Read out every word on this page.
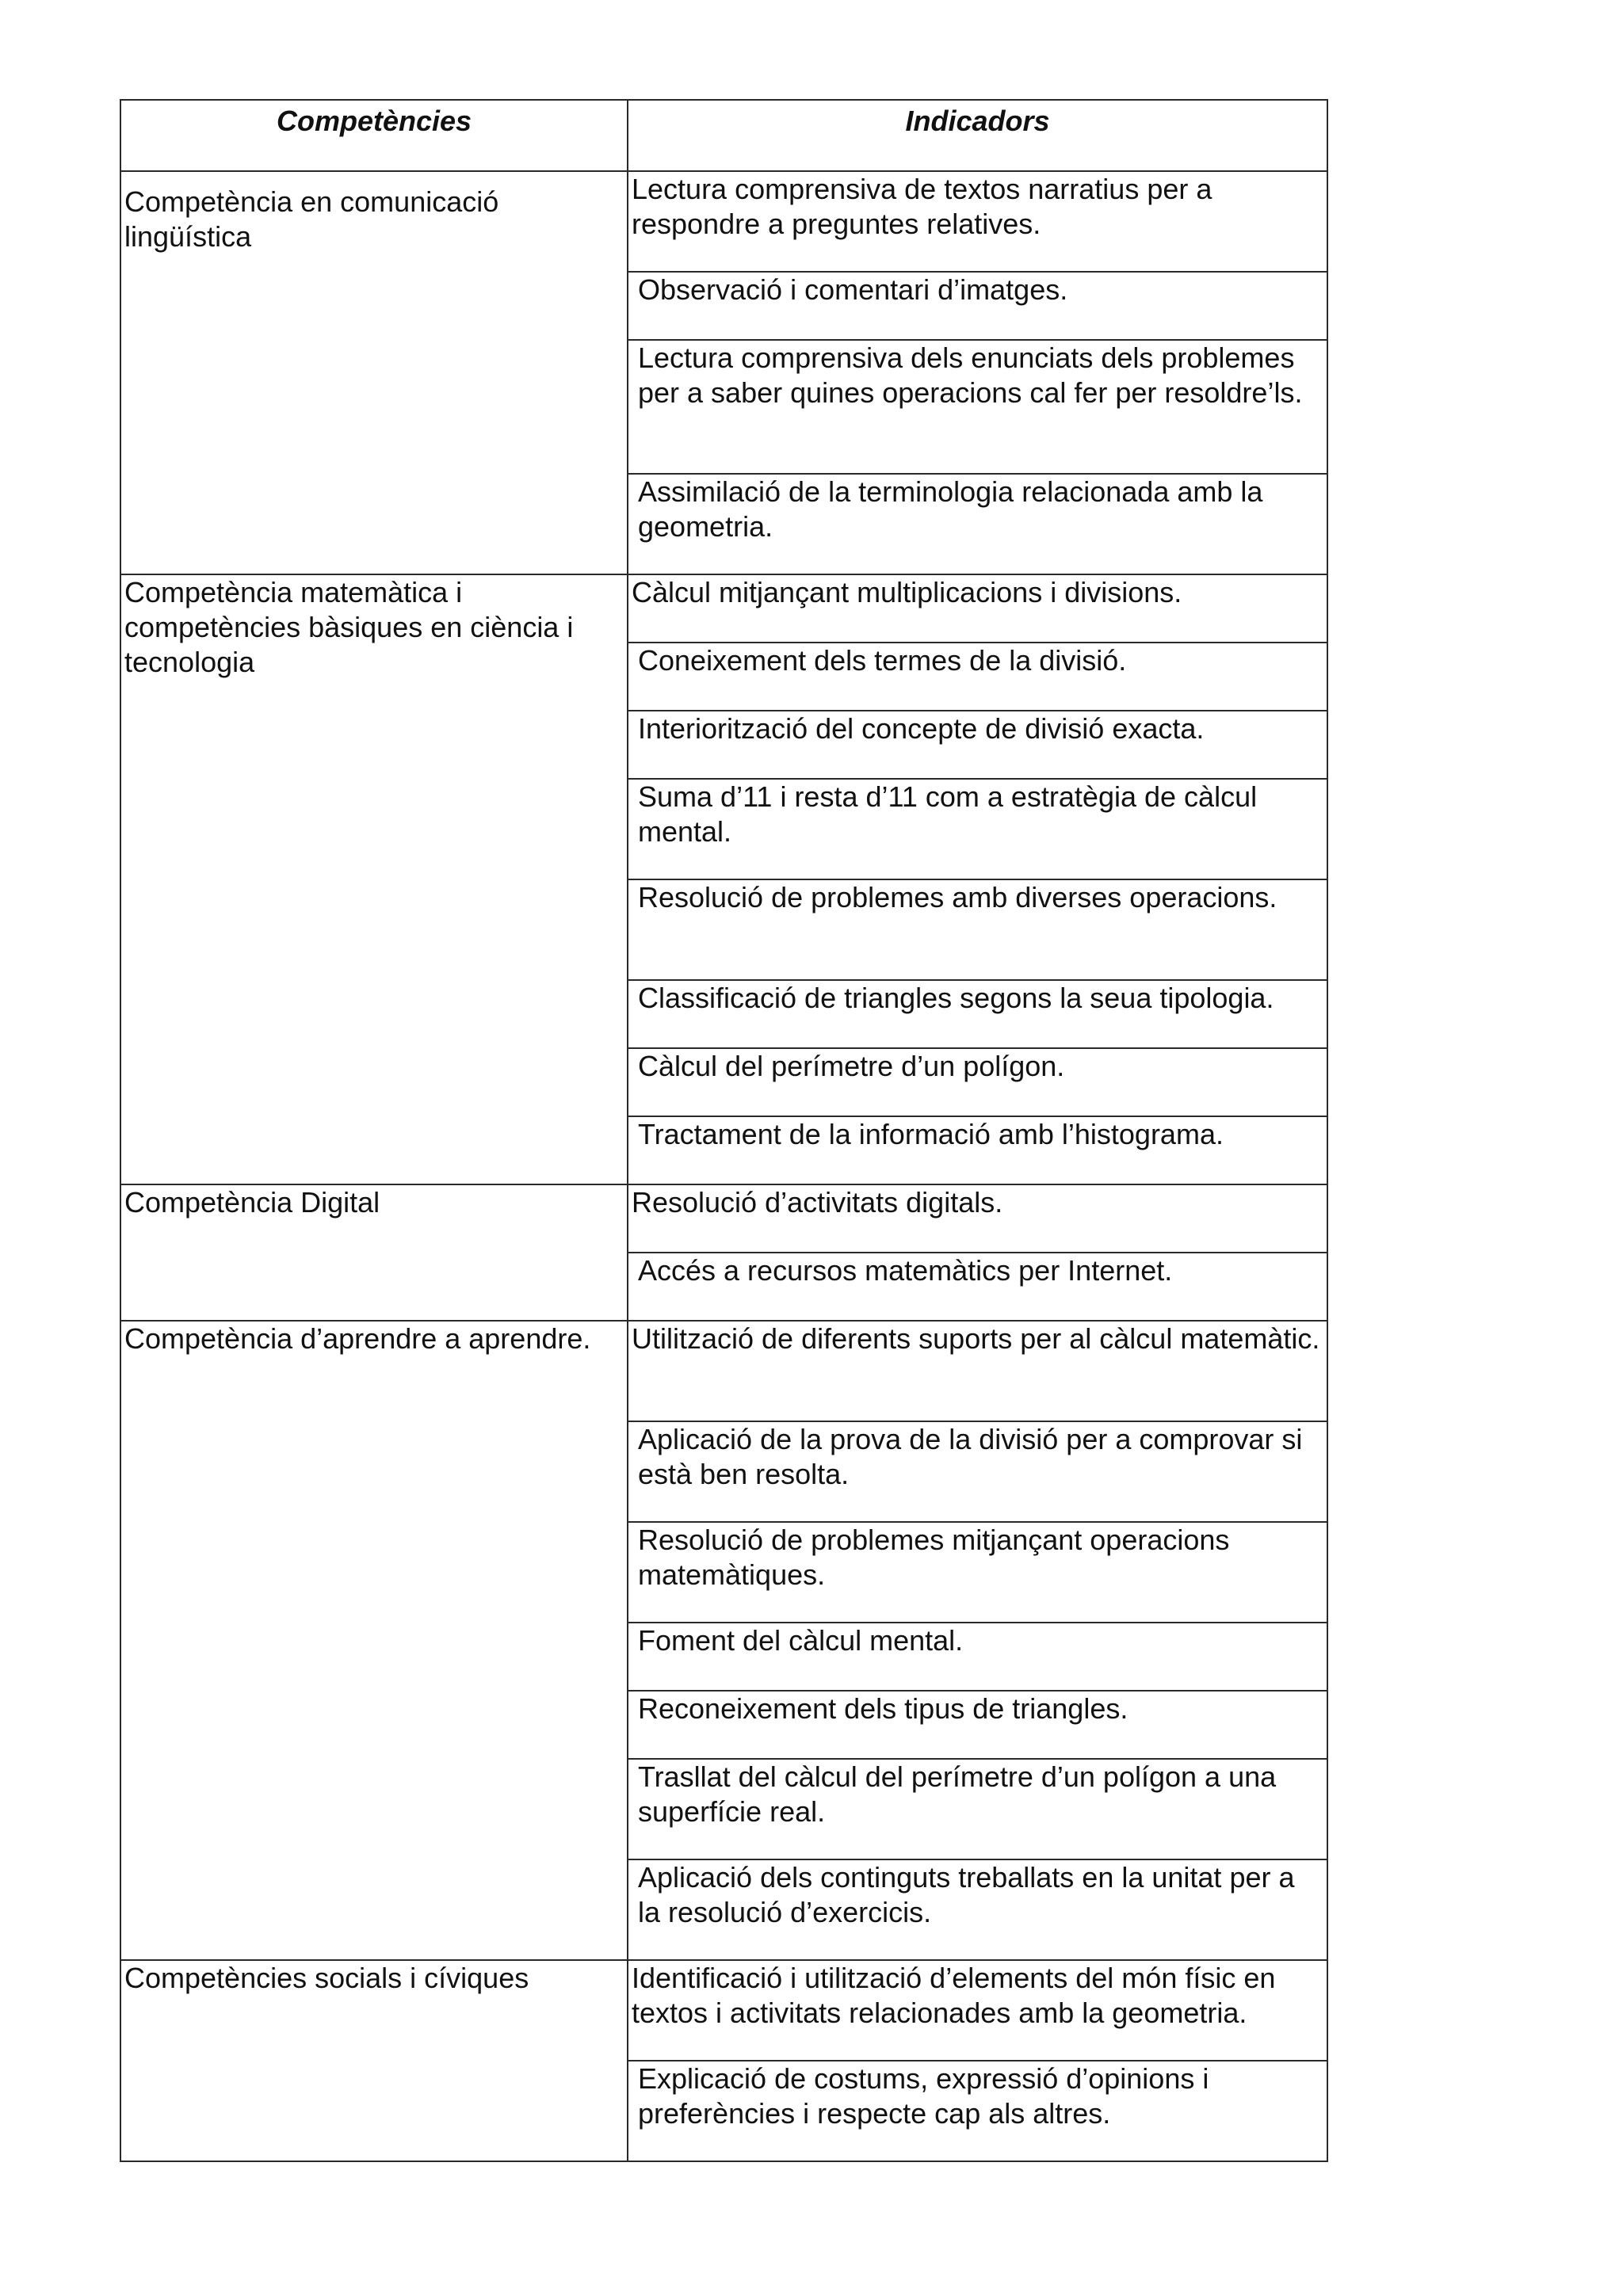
Competències	Indicadors
Competència en comunicació lingüística	Lectura comprensiva de textos narratius per a respondre a preguntes relatives.

	Observació i comentari d’imatges.

	Lectura comprensiva dels enunciats dels problemes per a saber quines operacions cal fer per resoldre’ls.

	Assimilació de la terminologia relacionada amb la geometria.

Competència matemàtica i competències bàsiques en ciència i tecnologia	Càlcul mitjançant multiplicacions i divisions.

	Coneixement dels termes de la divisió.

	Interiorització del concepte de divisió exacta.

	Suma d’11 i resta d’11 com a estratègia de càlcul mental.

	Resolució de problemes amb diverses operacions.

	Classificació de triangles segons la seua tipologia.

	Càlcul del perímetre d’un polígon.

	Tractament de la informació amb l’histograma.

Competència Digital	Resolució d’activitats digitals.

	Accés a recursos matemàtics per Internet.

Competència d’aprendre a aprendre.	Utilització de diferents suports per al càlcul matemàtic.

	Aplicació de la prova de la divisió per a comprovar si està ben resolta.

	Resolució de problemes mitjançant operacions matemàtiques.

	Foment del càlcul mental.

	Reconeixement dels tipus de triangles.

	Trasllat del càlcul del perímetre d’un polígon a una superfície real.

	Aplicació dels continguts treballats en la unitat per a la resolució d’exercicis.

Competències socials i cíviques	Identificació i utilització d’elements del món físic en textos i activitats relacionades amb la geometria.

	Explicació de costums, expressió d’opinions i preferències i respecte cap als altres.
